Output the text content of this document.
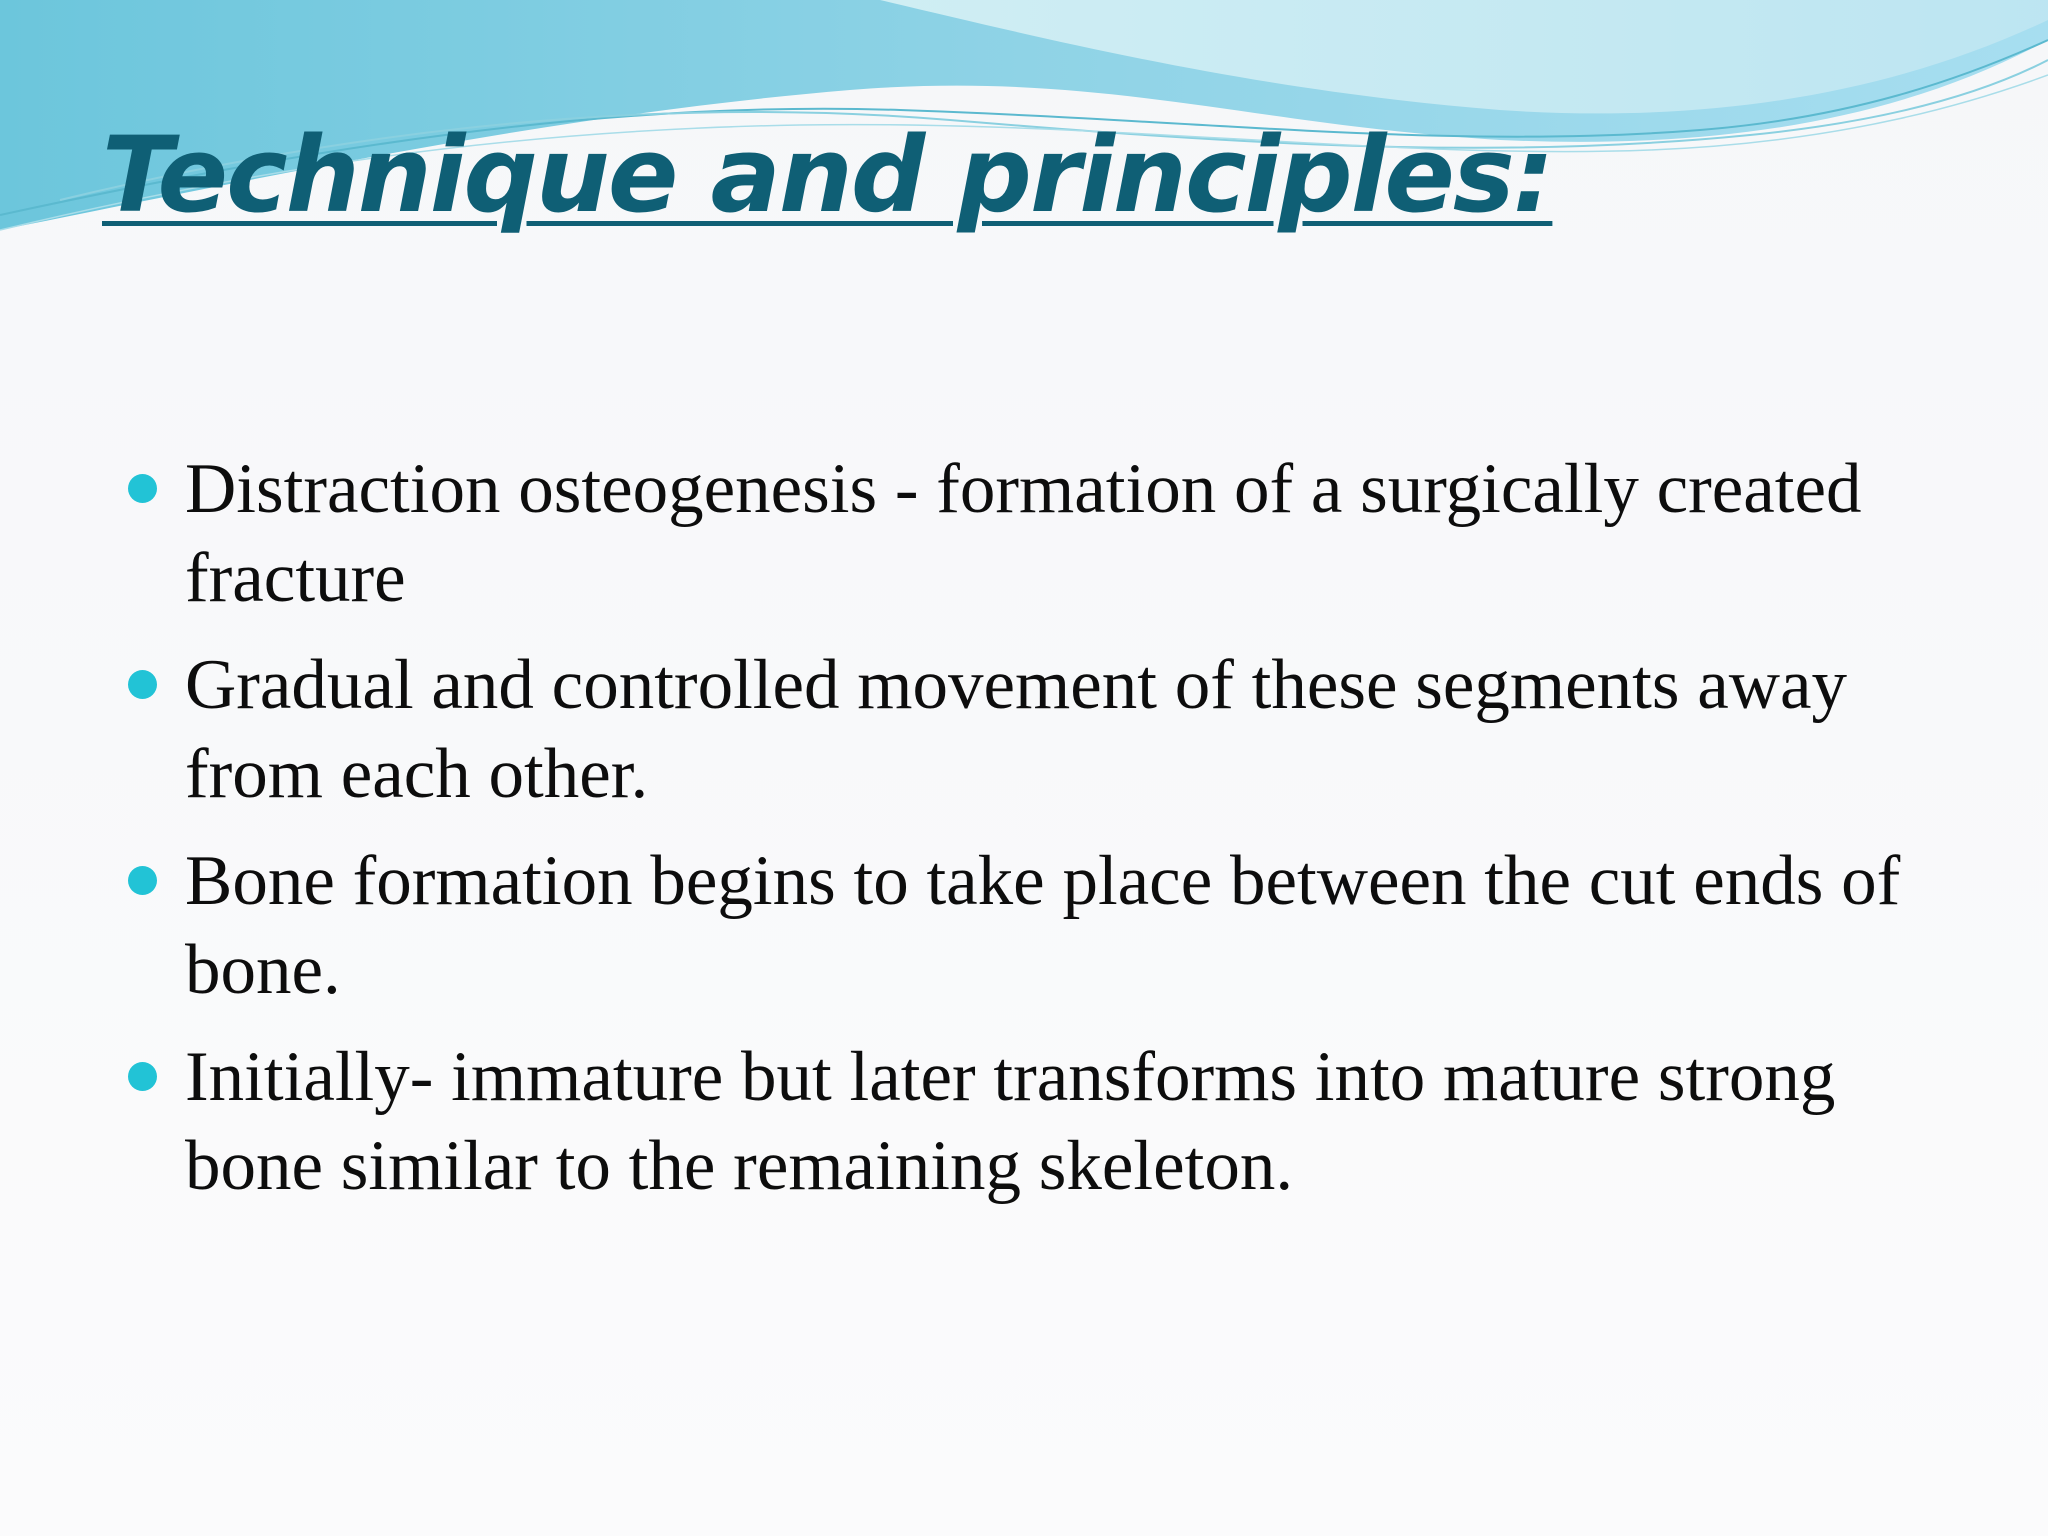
Technique and principles:
Distraction osteogenesis - formation of a surgically created fracture
Gradual and controlled movement of these segments away from each other.
Bone formation begins to take place between the cut ends of bone.
Initially- immature but later transforms into mature strong bone similar to the remaining skeleton.
